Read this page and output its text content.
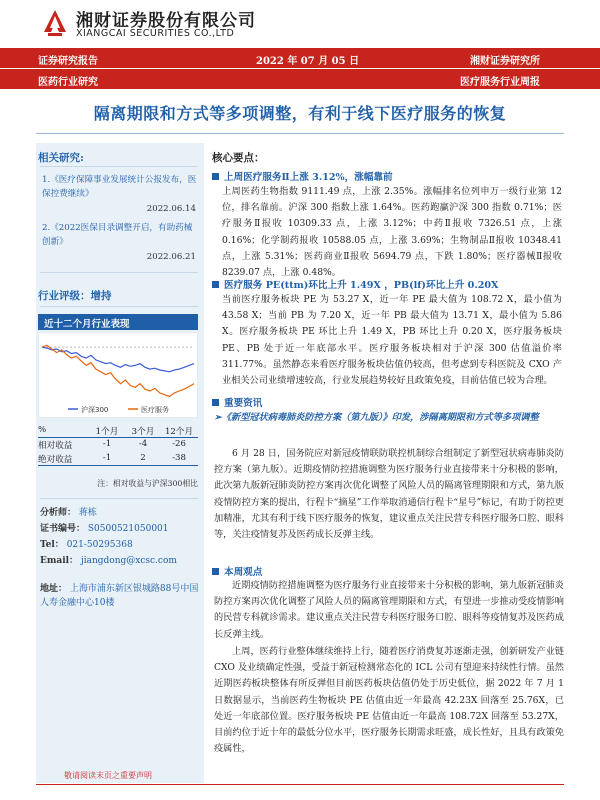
湘财证券股份有限公司
XIANGCAI SECURITIES CO.,LTD
证券研究报告	2022 年 07 月 05 日	湘财证券研究所
医药行业研究	医疗服务行业周报
隔离期限和方式等多项调整，有利于线下医疗服务的恢复
相关研究:
1.《医疗保障事业发展统计公报发布，医保控费继续》
2022.06.14
2.《2022医保目录调整开启，有助药械创新》
2022.06.21
行业评级：增持
近十二个月行业表现
沪深300	医疗服务
%	1个月	3个月	12个月
相对收益	-1	-4	-26
绝对收益	-1	2	-38
注：相对收益与沪深300相比
分析师： 蒋栋
证书编号： S0500521050001
Tel： 021-50295368
Email： jiangdong@xcsc.com
地址： 上海市浦东新区银城路88号中国人寿金融中心10楼
核心要点：
上周医疗服务Ⅱ上涨 3.12%，涨幅靠前
上周医药生物指数 9111.49 点，上涨 2.35%。涨幅排名位列申万一级行业第 12 位，排名靠前。沪深 300 指数上涨 1.64%。医药跑赢沪深 300 指数 0.71%；医疗服务Ⅱ报收 10309.33 点，上涨 3.12%；中药Ⅱ报收 7326.51 点，上涨 0.16%；化学制药报收 10588.05 点，上涨 3.69%；生物制品Ⅱ报收 10348.41 点，上涨 5.31%；医药商业Ⅱ报收 5694.79 点，下跌 1.80%；医疗器械Ⅱ报收 8239.07 点，上涨 0.48%。
医疗服务 PE(ttm)环比上升 1.49X ，PB(lf)环比上升 0.20X
当前医疗服务板块 PE 为 53.27 X，近一年 PE 最大值为 108.72 X，最小值为 43.58 X；当前 PB 为 7.20 X，近一年 PB 最大值为 13.71 X，最小值为 5.86 X。医疗服务板块 PE 环比上升 1.49 X，PB 环比上升 0.20 X，医疗服务板块 PE、PB 处于近一年底部水平。医疗服务板块相对于沪深 300 估值溢价率 311.77%。虽然静态来看医疗服务板块估值仍较高，但考虑到专科医院及 CXO 产业相关公司业绩增速较高，行业发展趋势较好且政策免疫，目前估值已较为合理。
重要资讯
➢《新型冠状病毒肺炎防控方案（第九版）》印发，涉隔离期限和方式等多项调整
6 月 28 日，国务院应对新冠疫情联防联控机制综合组制定了新型冠状病毒肺炎防控方案（第九版）。近期疫情防控措施调整为医疗服务行业直接带来十分积极的影响，此次第九版新冠肺炎防控方案再次优化调整了风险人员的隔离管理期限和方式，第九版疫情防控方案的提出，行程卡“摘星”工作举取消通信行程卡“星号”标记，有助于防控更加精准，尤其有利于线下医疗服务的恢复，建议重点关注民营专科医疗服务口腔、眼科等，关注疫情复苏及医药成长反弹主线。
本周观点
近期疫情防控措施调整为医疗服务行业直接带来十分积极的影响，第九版新冠肺炎防控方案再次优化调整了风险人员的隔离管理期限和方式，有望进一步推动受疫情影响的民营专科就诊需求。建议重点关注民营专科医疗服务口腔、眼科等疫情复苏及医药成长反弹主线。
上周，医药行业整体继续维持上行，随着医疗消费复苏逐渐走强，创新研发产业链 CXO 及业绩确定性强，受益于新冠检测常态化的 ICL 公司有望迎来持续性行情。虽然近期医药板块整体有所反弹但目前医药板块估值仍处于历史低位，据 2022 年 7 月 1 日数据显示，当前医药生物板块 PE 估值由近一年最高 42.23X 回落至 25.76X，已处近一年底部位置。医疗服务板块 PE 估值由近一年最高 108.72X 回落至 53.27X，目前约位于近十年的最低分位水平，医疗服务长期需求旺盛，成长性好，且具有政策免疫属性，
敬请阅读末页之重要声明
